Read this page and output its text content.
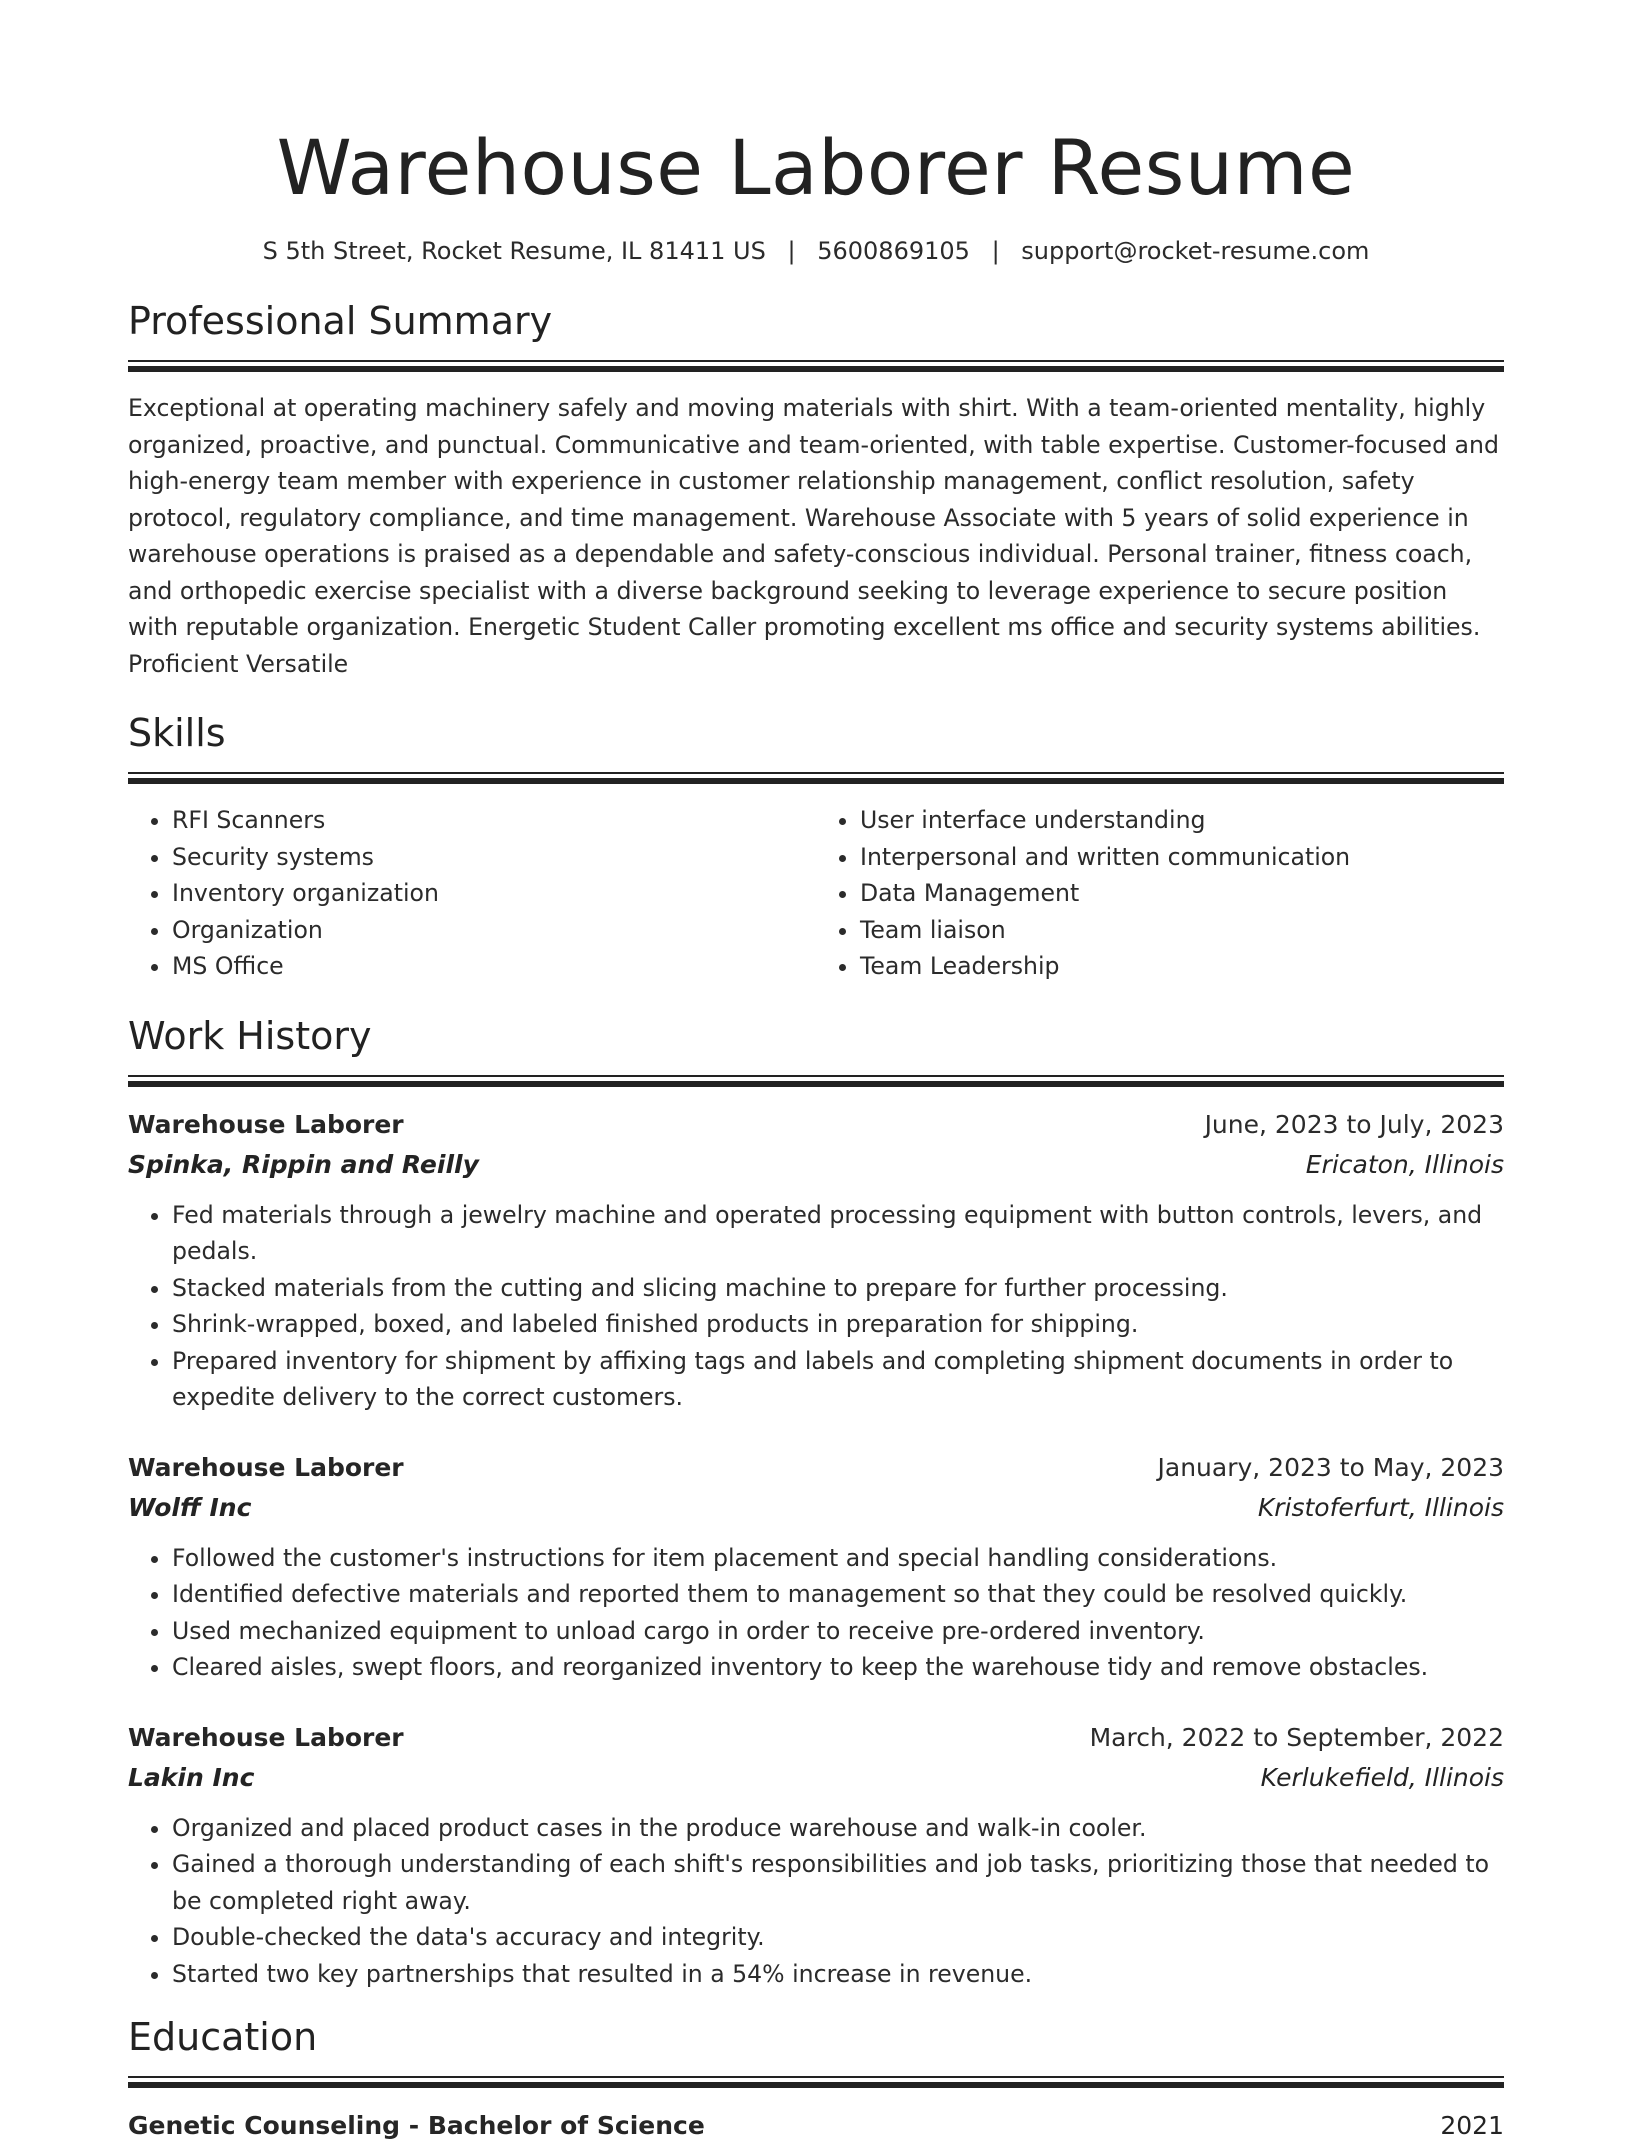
Warehouse Laborer Resume
S 5th Street, Rocket Resume, IL 81411 US | 5600869105 | support@rocket-resume.com
Professional Summary

Exceptional at operating machinery safely and moving materials with shirt. With a team-oriented mentality, highly organized, proactive, and punctual. Communicative and team-oriented, with table expertise. Customer-focused and high-energy team member with experience in customer relationship management, conflict resolution, safety protocol, regulatory compliance, and time management. Warehouse Associate with 5 years of solid experience in warehouse operations is praised as a dependable and safety-conscious individual. Personal trainer, fitness coach, and orthopedic exercise specialist with a diverse background seeking to leverage experience to secure position with reputable organization. Energetic Student Caller promoting excellent ms office and security systems abilities. Proficient Versatile

Skills
• RFI Scanners
• Security systems
• Inventory organization
• Organization
• MS Office
• User interface understanding
• Interpersonal and written communication
• Data Management
• Team liaison
• Team Leadership
Work History
Warehouse Laborer	June, 2023 to July, 2023
Spinka, Rippin and Reilly	Ericaton, Illinois
• Fed materials through a jewelry machine and operated processing equipment with button controls, levers, and pedals.
• Stacked materials from the cutting and slicing machine to prepare for further processing.
• Shrink-wrapped, boxed, and labeled finished products in preparation for shipping.
• Prepared inventory for shipment by affixing tags and labels and completing shipment documents in order to expedite delivery to the correct customers.
Warehouse Laborer	January, 2023 to May, 2023
Wolff Inc	Kristoferfurt, Illinois
• Followed the customer's instructions for item placement and special handling considerations.
• Identified defective materials and reported them to management so that they could be resolved quickly.
• Used mechanized equipment to unload cargo in order to receive pre-ordered inventory.
• Cleared aisles, swept floors, and reorganized inventory to keep the warehouse tidy and remove obstacles.
Warehouse Laborer	March, 2022 to September, 2022
Lakin Inc	Kerlukefield, Illinois
• Organized and placed product cases in the produce warehouse and walk-in cooler.
• Gained a thorough understanding of each shift's responsibilities and job tasks, prioritizing those that needed to be completed right away.
• Double-checked the data's accuracy and integrity.
• Started two key partnerships that resulted in a 54% increase in revenue.
Education
Genetic Counseling - Bachelor of Science	2021
